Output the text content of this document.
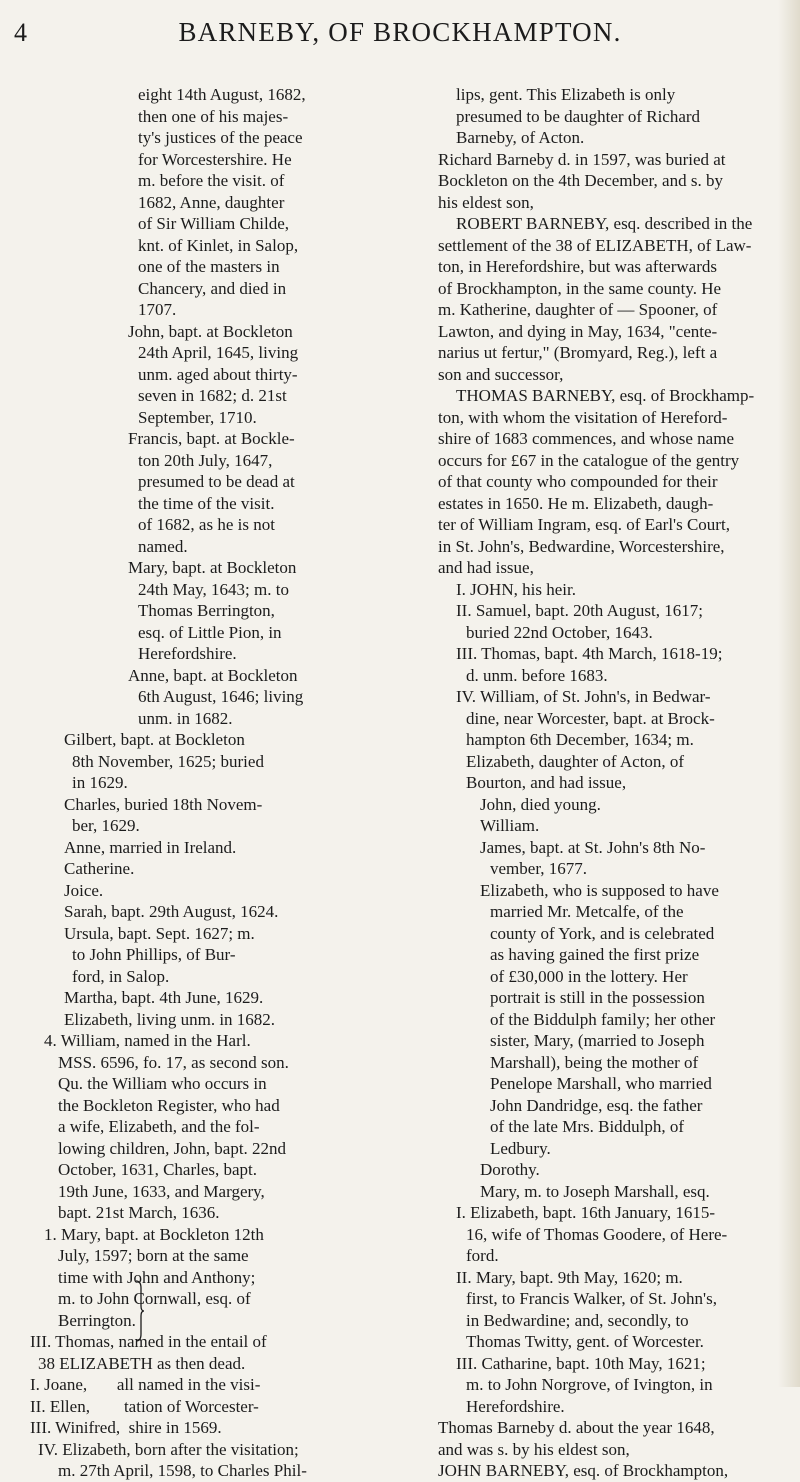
4	BARNEBY, OF BROCKHAMPTON.
eight 14th August, 1682,
then one of his majes-
ty's justices of the peace
for Worcestershire. He
m. before the visit. of
1682, Anne, daughter
of Sir William Childe,
knt. of Kinlet, in Salop,
one of the masters in
Chancery, and died in
1707.
John, bapt. at Bockleton
24th April, 1645, living
unm. aged about thirty-
seven in 1682; d. 21st
September, 1710.
Francis, bapt. at Bockle-
ton 20th July, 1647,
presumed to be dead at
the time of the visit.
of 1682, as he is not
named.
Mary, bapt. at Bockleton
24th May, 1643; m. to
Thomas Berrington,
esq. of Little Pion, in
Herefordshire.
Anne, bapt. at Bockleton
6th August, 1646; living
unm. in 1682.
Gilbert, bapt. at Bockleton
8th November, 1625; buried
in 1629.
Charles, buried 18th Novem-
ber, 1629.
Anne, married in Ireland.
Catherine.
Joice.
Sarah, bapt. 29th August, 1624.
Ursula, bapt. Sept. 1627; m.
to John Phillips, of Bur-
ford, in Salop.
Martha, bapt. 4th June, 1629.
Elizabeth, living unm. in 1682.
4. William, named in the Harl.
MSS. 6596, fo. 17, as second son.
Qu. the William who occurs in
the Bockleton Register, who had
a wife, Elizabeth, and the fol-
lowing children, John, bapt. 22nd
October, 1631, Charles, bapt.
19th June, 1633, and Margery,
bapt. 21st March, 1636.
1. Mary, bapt. at Bockleton 12th
July, 1597; born at the same
time with John and Anthony;
m. to John Cornwall, esq. of
Berrington.
III. Thomas, named in the entail of
38 ELIZABETH as then dead.
I. Joane,       all named in the visi-
II. Ellen,        tation of Worcester-
III. Winifred,  shire in 1569.
IV. Elizabeth, born after the visitation;
m. 27th April, 1598, to Charles Phil-
lips, gent. This Elizabeth is only
presumed to be daughter of Richard
Barneby, of Acton.
Richard Barneby d. in 1597, was buried at
Bockleton on the 4th December, and s. by
his eldest son,
ROBERT BARNEBY, esq. described in the
settlement of the 38 of ELIZABETH, of Law-
ton, in Herefordshire, but was afterwards
of Brockhampton, in the same county. He
m. Katherine, daughter of — Spooner, of
Lawton, and dying in May, 1634, "cente-
narius ut fertur," (Bromyard, Reg.), left a
son and successor,
THOMAS BARNEBY, esq. of Brockhamp-
ton, with whom the visitation of Hereford-
shire of 1683 commences, and whose name
occurs for £67 in the catalogue of the gentry
of that county who compounded for their
estates in 1650. He m. Elizabeth, daugh-
ter of William Ingram, esq. of Earl's Court,
in St. John's, Bedwardine, Worcestershire,
and had issue,
I. JOHN, his heir.
II. Samuel, bapt. 20th August, 1617;
buried 22nd October, 1643.
III. Thomas, bapt. 4th March, 1618-19;
d. unm. before 1683.
IV. William, of St. John's, in Bedwar-
dine, near Worcester, bapt. at Brock-
hampton 6th December, 1634; m.
Elizabeth, daughter of Acton, of
Bourton, and had issue,
John, died young.
William.
James, bapt. at St. John's 8th No-
vember, 1677.
Elizabeth, who is supposed to have
married Mr. Metcalfe, of the
county of York, and is celebrated
as having gained the first prize
of £30,000 in the lottery. Her
portrait is still in the possession
of the Biddulph family; her other
sister, Mary, (married to Joseph
Marshall), being the mother of
Penelope Marshall, who married
John Dandridge, esq. the father
of the late Mrs. Biddulph, of
Ledbury.
Dorothy.
Mary, m. to Joseph Marshall, esq.
I. Elizabeth, bapt. 16th January, 1615-
16, wife of Thomas Goodere, of Here-
ford.
II. Mary, bapt. 9th May, 1620; m.
first, to Francis Walker, of St. John's,
in Bedwardine; and, secondly, to
Thomas Twitty, gent. of Worcester.
III. Catharine, bapt. 10th May, 1621;
m. to John Norgrove, of Ivington, in
Herefordshire.
Thomas Barneby d. about the year 1648,
and was s. by his eldest son,
JOHN BARNEBY, esq. of Brockhampton,
